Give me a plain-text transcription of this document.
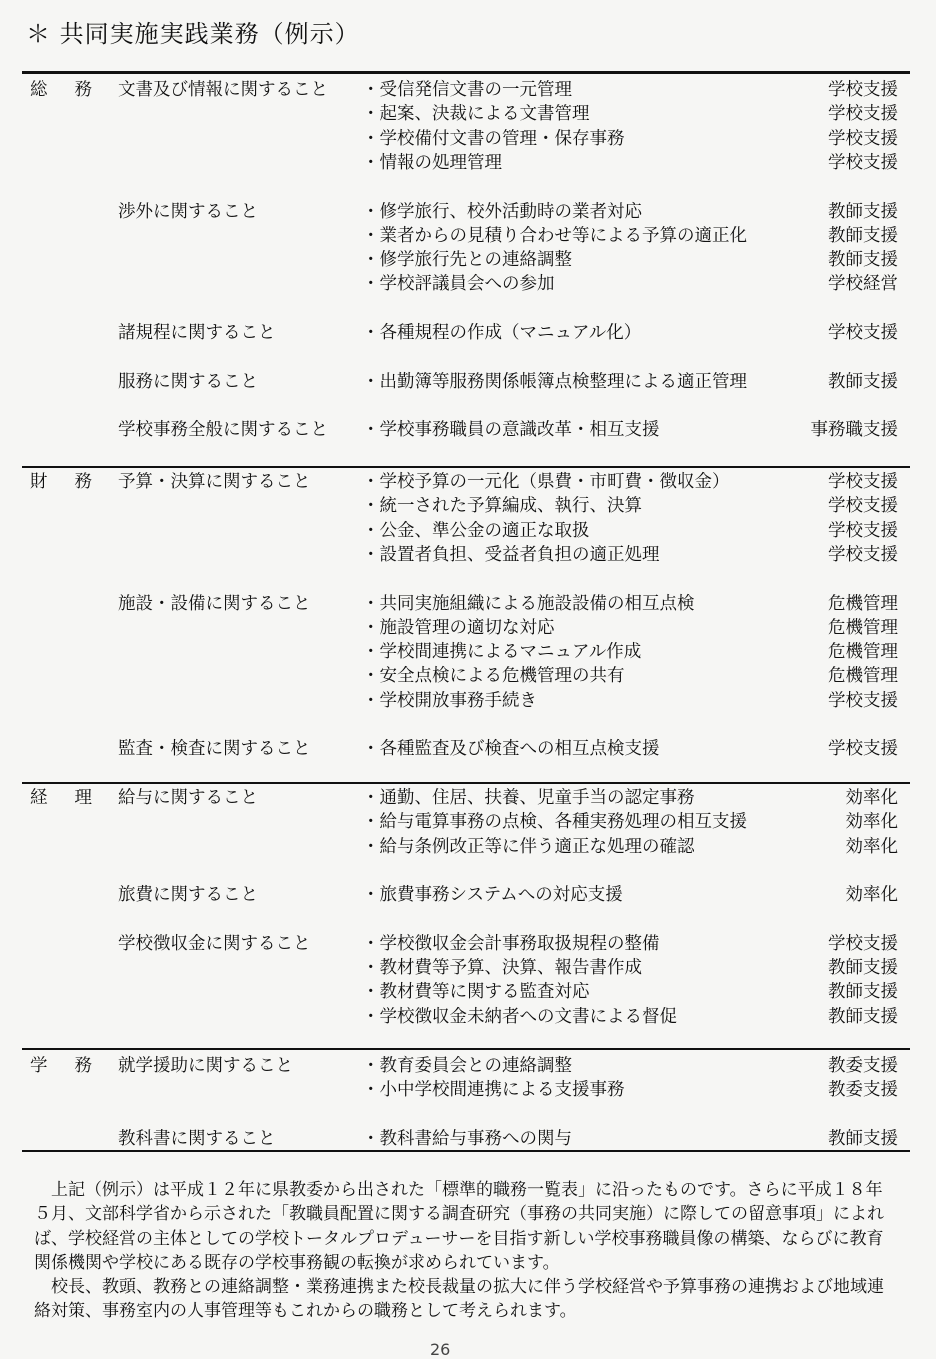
＊ 共同実施実践業務（例示）
総 務 文書及び情報に関すること ・受信発信文書の一元管理	学校支援
・起案、決裁による文書管理	学校支援
・学校備付文書の管理・保存事務	学校支援
・情報の処理管理	学校支援
渉外に関すること	・修学旅行、校外活動時の業者対応	教師支援
・業者からの見積り合わせ等による予算の適正化	教師支援
・修学旅行先との連絡調整	教師支援
・学校評議員会への参加	学校経営
諸規程に関すること	・各種規程の作成（マニュアル化）	学校支援
服務に関すること	・出勤簿等服務関係帳簿点検整理による適正管理	教師支援
学校事務全般に関すること ・学校事務職員の意識改革・相互支援	事務職支援
財 務 予算・決算に関すること	・学校予算の一元化（県費・市町費・徴収金）	学校支援
・統一された予算編成、執行、決算	学校支援
・公金、準公金の適正な取扱	学校支援
・設置者負担、受益者負担の適正処理	学校支援
施設・設備に関すること	・共同実施組織による施設設備の相互点検	危機管理
・施設管理の適切な対応	危機管理
・学校間連携によるマニュアル作成	危機管理
・安全点検による危機管理の共有	危機管理
・学校開放事務手続き	学校支援
監査・検査に関すること	・各種監査及び検査への相互点検支援	学校支援
経 理 給与に関すること	・通勤、住居、扶養、児童手当の認定事務	効率化
・給与電算事務の点検、各種実務処理の相互支援	効率化
・給与条例改正等に伴う適正な処理の確認	効率化
旅費に関すること	・旅費事務システムへの対応支援	効率化
学校徴収金に関すること	・学校徴収金会計事務取扱規程の整備	学校支援
・教材費等予算、決算、報告書作成	教師支援
・教材費等に関する監査対応	教師支援
・学校徴収金未納者への文書による督促	教師支援
学 務 就学援助に関すること	・教育委員会との連絡調整	教委支援
・小中学校間連携による支援事務	教委支援
教科書に関すること	・教科書給与事務への関与	教師支援

上記（例示）は平成１２年に県教委から出された「標準的職務一覧表」に沿ったものです。さらに平成１８年５月、文部科学省から示された「教職員配置に関する調査研究（事務の共同実施）に際しての留意事項」によれば、学校経営の主体としての学校トータルプロデューサーを目指す新しい学校事務職員像の構築、ならびに教育関係機関や学校にある既存の学校事務観の転換が求められています。

校長、教頭、教務との連絡調整・業務連携また校長裁量の拡大に伴う学校経営や予算事務の連携および地域連絡対策、事務室内の人事管理等もこれからの職務として考えられます。

26
